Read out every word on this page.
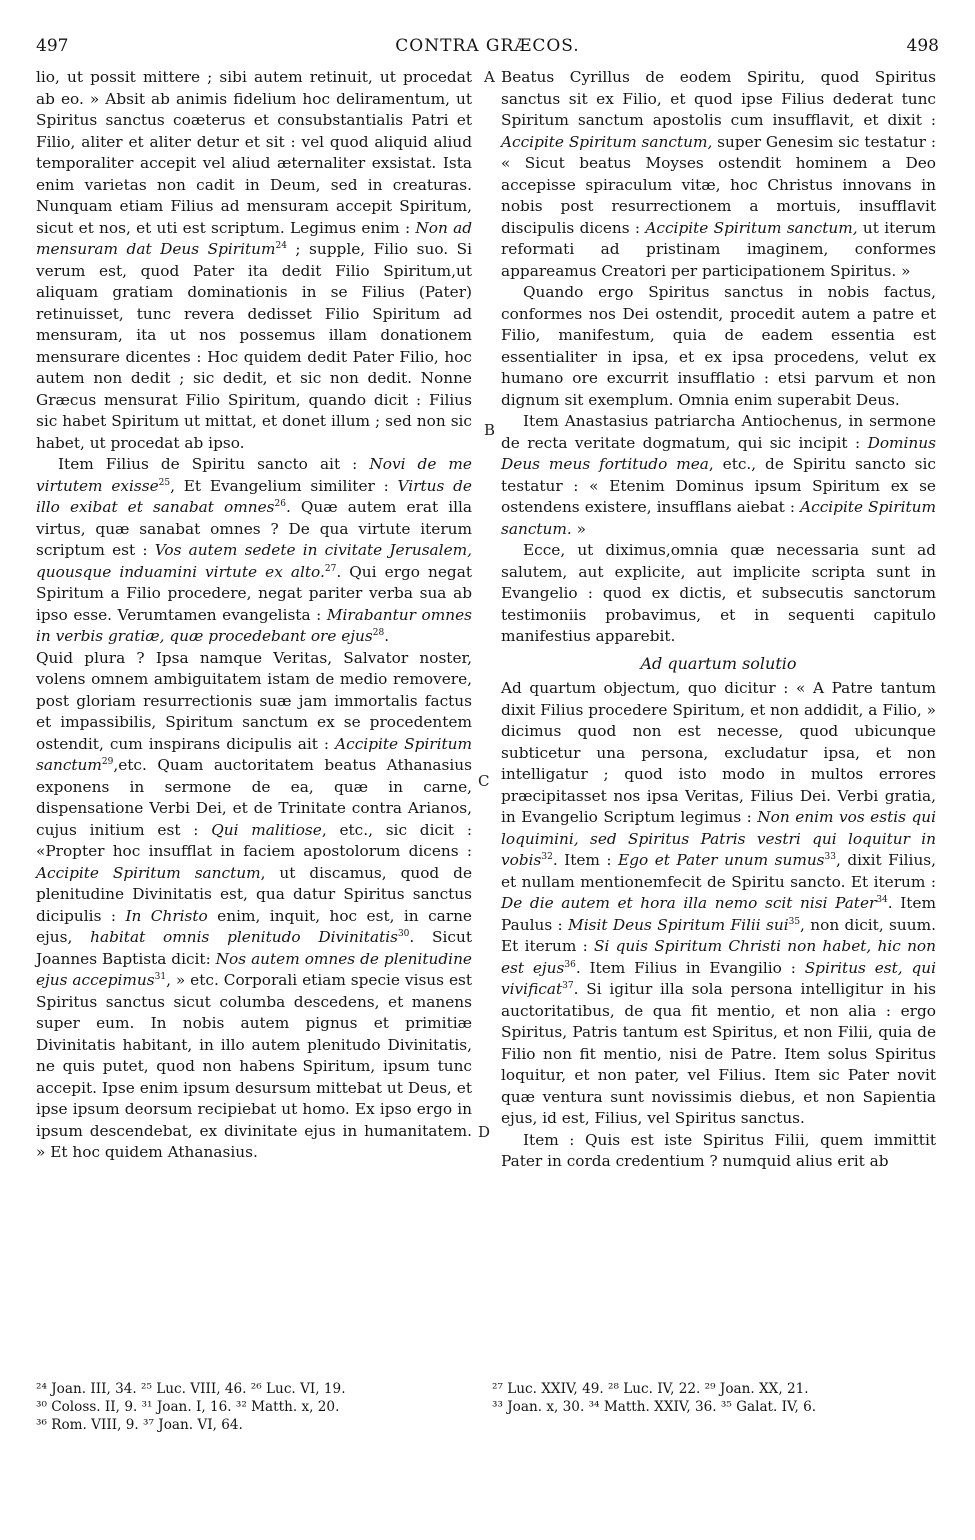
497	CONTRA GRÆCOS.	498
A
B
C
D

lio, ut possit mittere ; sibi autem retinuit, ut procedat ab eo. » Absit ab animis fidelium hoc deliramentum, ut Spiritus sanctus coæterus et consubstantialis Patri et Filio, aliter et aliter detur et sit : vel quod aliquid aliud temporaliter accepit vel aliud æternaliter exsistat. Ista enim varietas non cadit in Deum, sed in creaturas. Nunquam etiam Filius ad mensuram accepit Spiritum, sicut et nos, et uti est scriptum. Legimus enim : Non ad mensuram dat Deus Spiritum$^{24}$ ; supple, Filio suo. Si verum est, quod Pater ita dedit Filio Spiritum,ut aliquam gratiam dominationis in se Filius (Pater) retinuisset, tunc revera dedisset Filio Spiritum ad mensuram, ita ut nos possemus illam donationem mensurare dicentes : Hoc quidem dedit Pater Filio, hoc autem non dedit ; sic dedit, et sic non dedit. Nonne Græcus mensurat Filio Spiritum, quando dicit : Filius sic habet Spiritum ut mittat, et donet illum ; sed non sic habet, ut procedat ab ipso.

Item Filius de Spiritu sancto ait : Novi de me virtutem exisse$^{25}$, Et Evangelium similiter : Virtus de illo exibat et sanabat omnes$^{26}$. Quæ autem erat illa virtus, quæ sanabat omnes ? De qua virtute iterum scriptum est : Vos autem sedete in civitate Jerusalem, quousque induamini virtute ex alto.$^{27}$. Qui ergo negat Spiritum a Filio procedere, negat pariter verba sua ab ipso esse. Verumtamen evangelista : Mirabantur omnes in verbis gratiæ, quæ procedebant ore ejus$^{28}$.

Quid plura ? Ipsa namque Veritas, Salvator noster, volens omnem ambiguitatem istam de medio removere, post gloriam resurrectionis suæ jam immortalis factus et impassibilis, Spiritum sanctum ex se procedentem ostendit, cum inspirans dicipulis ait : Accipite Spiritum sanctum$^{29}$,etc. Quam auctoritatem beatus Athanasius exponens in sermone de ea, quæ in carne, dispensatione Verbi Dei, et de Trinitate contra Arianos, cujus initium est : Qui malitiose, etc., sic dicit : «Propter hoc insufflat in faciem apostolorum dicens : Accipite Spiritum sanctum, ut discamus, quod de plenitudine Divinitatis est, qua datur Spiritus sanctus dicipulis : In Christo enim, inquit, hoc est, in carne ejus, habitat omnis plenitudo Divinitatis$^{30}$. Sicut Joannes Baptista dicit: Nos autem omnes de plenitudine ejus accepimus$^{31}$, » etc. Corporali etiam specie visus est Spiritus sanctus sicut columba descedens, et manens super eum. In nobis autem pignus et primitiæ Divinitatis habitant, in illo autem plenitudo Divinitatis, ne quis putet, quod non habens Spiritum, ipsum tunc accepit. Ipse enim ipsum desursum mittebat ut Deus, et ipse ipsum deorsum recipiebat ut homo. Ex ipso ergo in ipsum descendebat, ex divinitate ejus in humanitatem. » Et hoc quidem Athanasius.

Beatus Cyrillus de eodem Spiritu, quod Spiritus sanctus sit ex Filio, et quod ipse Filius dederat tunc Spiritum sanctum apostolis cum insufflavit, et dixit : Accipite Spiritum sanctum, super Genesim sic testatur : « Sicut beatus Moyses ostendit hominem a Deo accepisse spiraculum vitæ, hoc Christus innovans in nobis post resurrectionem a mortuis, insufflavit discipulis dicens : Accipite Spiritum sanctum, ut iterum reformati ad pristinam imaginem, conformes appareamus Creatori per participationem Spiritus. »

Quando ergo Spiritus sanctus in nobis factus, conformes nos Dei ostendit, procedit autem a patre et Filio, manifestum, quia de eadem essentia est essentialiter in ipsa, et ex ipsa procedens, velut ex humano ore excurrit insufflatio : etsi parvum et non dignum sit exemplum. Omnia enim superabit Deus.

Item Anastasius patriarcha Antiochenus, in sermone de recta veritate dogmatum, qui sic incipit : Dominus Deus meus fortitudo mea, etc., de Spiritu sancto sic testatur : « Etenim Dominus ipsum Spiritum ex se ostendens existere, insufflans aiebat : Accipite Spiritum sanctum. »

Ecce, ut diximus,omnia quæ necessaria sunt ad salutem, aut explicite, aut implicite scripta sunt in Evangelio : quod ex dictis, et subsecutis sanctorum testimoniis probavimus, et in sequenti capitulo manifestius apparebit.

Ad quartum solutio

Ad quartum objectum, quo dicitur : « A Patre tantum dixit Filius procedere Spiritum, et non addidit, a Filio, » dicimus quod non est necesse, quod ubicunque subticetur una persona, excludatur ipsa, et non intelligatur ; quod isto modo in multos errores præcipitasset nos ipsa Veritas, Filius Dei. Verbi gratia, in Evangelio Scriptum legimus : Non enim vos estis qui loquimini, sed Spiritus Patris vestri qui loquitur in vobis$^{32}$. Item : Ego et Pater unum sumus$^{33}$, dixit Filius, et nullam mentionemfecit de Spiritu sancto. Et iterum : De die autem et hora illa nemo scit nisi Pater$^{34}$. Item Paulus : Misit Deus Spiritum Filii sui$^{35}$, non dicit, suum. Et iterum : Si quis Spiritum Christi non habet, hic non est ejus$^{36}$. Item Filius in Evangilio : Spiritus est, qui vivificat$^{37}$. Si igitur illa sola persona intelligitur in his auctoritatibus, de qua fit mentio, et non alia : ergo Spiritus, Patris tantum est Spiritus, et non Filii, quia de Filio non fit mentio, nisi de Patre. Item solus Spiritus loquitur, et non pater, vel Filius. Item sic Pater novit quæ ventura sunt novissimis diebus, et non Sapientia ejus, id est, Filius, vel Spiritus sanctus.

Item : Quis est iste Spiritus Filii, quem immittit Pater in corda credentium ? numquid alius erit ab

²⁴ Joan. III, 34. ²⁵ Luc. VIII, 46. ²⁶ Luc. VI, 19.
³⁰ Coloss. II, 9. ³¹ Joan. I, 16. ³² Matth. x, 20.
³⁶ Rom. VIII, 9. ³⁷ Joan. VI, 64.
²⁷ Luc. XXIV, 49. ²⁸ Luc. IV, 22. ²⁹ Joan. XX, 21.
³³ Joan. x, 30. ³⁴ Matth. XXIV, 36. ³⁵ Galat. IV, 6.
